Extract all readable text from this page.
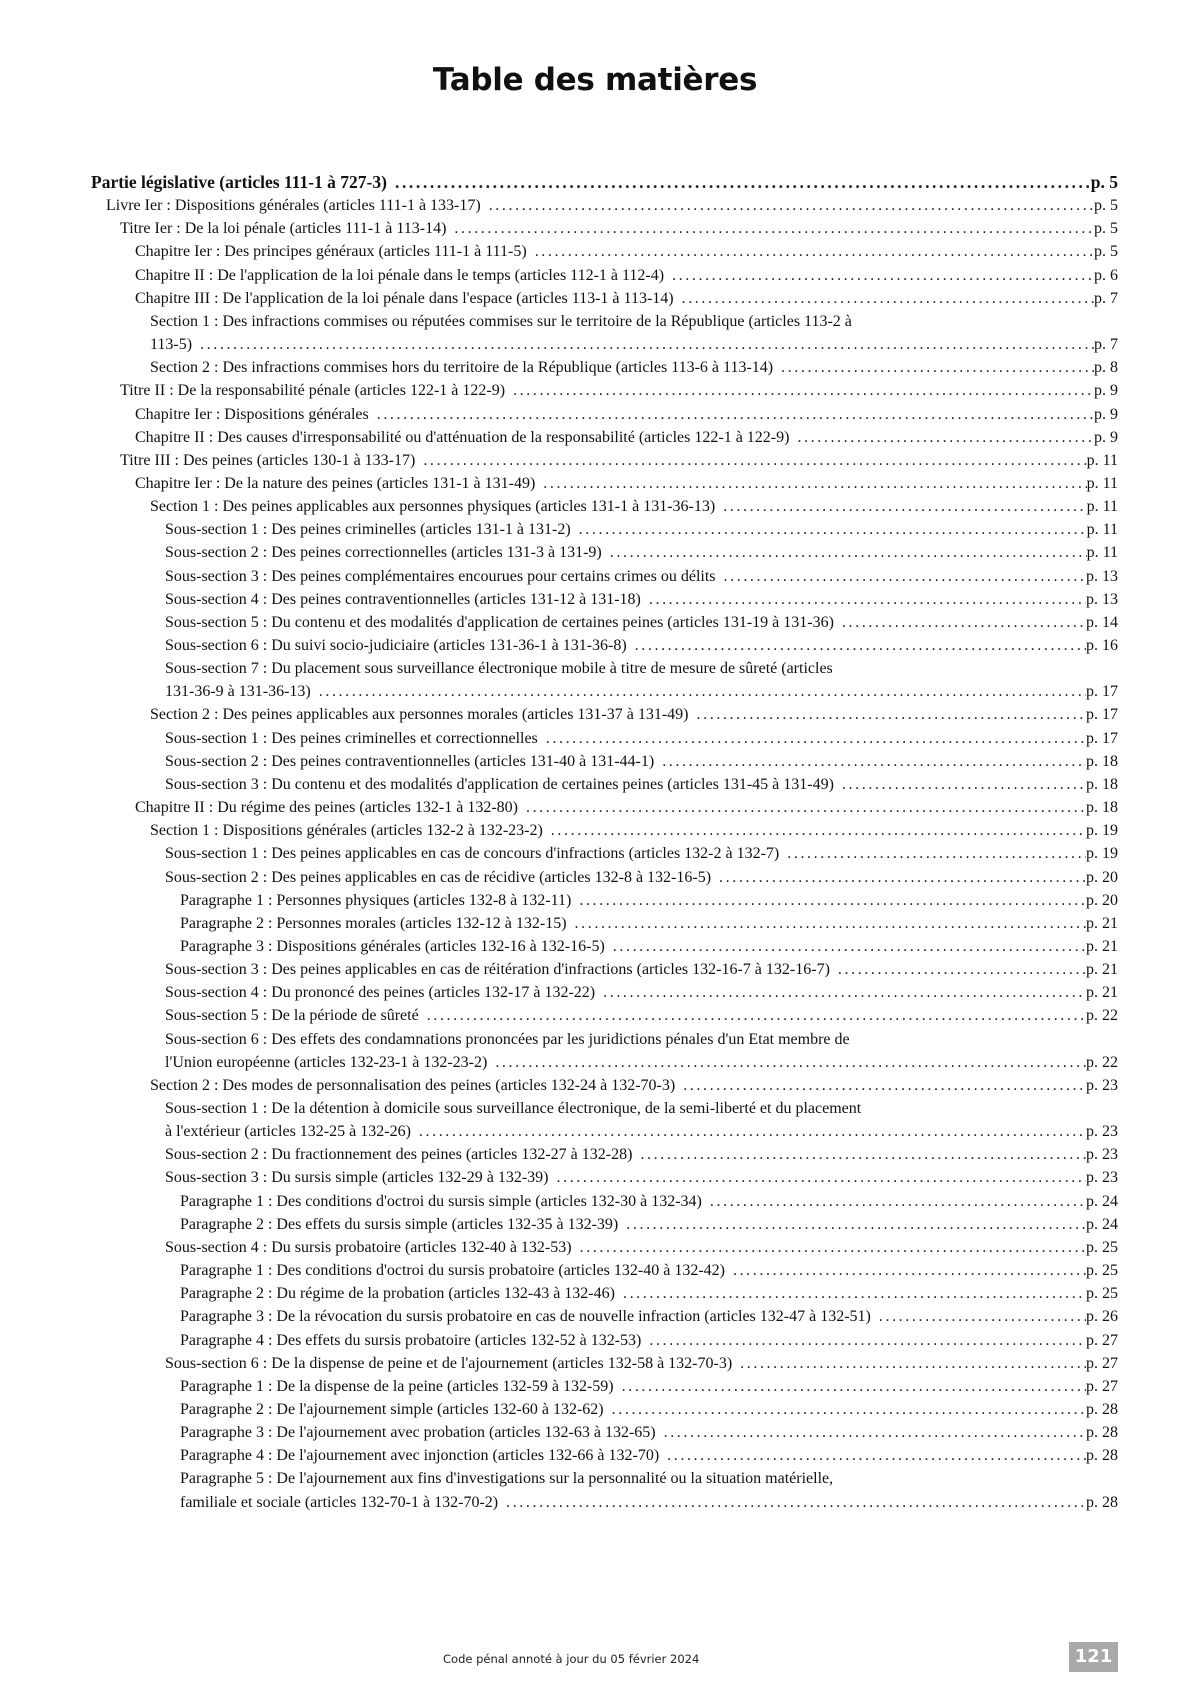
Table des matières
Partie législative (articles 111-1 à 727-3) .....	p. 5
Livre Ier : Dispositions générales (articles 111-1 à 133-17) .....	p. 5
Titre Ier : De la loi pénale (articles 111-1 à 113-14) .....	p. 5
Chapitre Ier : Des principes généraux (articles 111-1 à 111-5) .....	p. 5
Chapitre II : De l'application de la loi pénale dans le temps (articles 112-1 à 112-4) .....	p. 6
Chapitre III : De l'application de la loi pénale dans l'espace (articles 113-1 à 113-14) .....	p. 7
Section 1 : Des infractions commises ou réputées commises sur le territoire de la République (articles 113-2 à
113-5) .....	p. 7
Section 2 : Des infractions commises hors du territoire de la République (articles 113-6 à 113-14) .....	p. 8
Titre II : De la responsabilité pénale (articles 122-1 à 122-9) .....	p. 9
Chapitre Ier : Dispositions générales .....	p. 9
Chapitre II : Des causes d'irresponsabilité ou d'atténuation de la responsabilité (articles 122-1 à 122-9) .....	p. 9
Titre III : Des peines (articles 130-1 à 133-17) .....	p. 11
Chapitre Ier : De la nature des peines (articles 131-1 à 131-49) .....	p. 11
Section 1 : Des peines applicables aux personnes physiques (articles 131-1 à 131-36-13) .....	p. 11
Sous-section 1 : Des peines criminelles (articles 131-1 à 131-2) .....	p. 11
Sous-section 2 : Des peines correctionnelles (articles 131-3 à 131-9) .....	p. 11
Sous-section 3 : Des peines complémentaires encourues pour certains crimes ou délits .....	p. 13
Sous-section 4 : Des peines contraventionnelles (articles 131-12 à 131-18) .....	p. 13
Sous-section 5 : Du contenu et des modalités d'application de certaines peines (articles 131-19 à 131-36) .....	p. 14
Sous-section 6 : Du suivi socio-judiciaire (articles 131-36-1 à 131-36-8) .....	p. 16
Sous-section 7 : Du placement sous surveillance électronique mobile à titre de mesure de sûreté (articles
131-36-9 à 131-36-13) .....	p. 17
Section 2 : Des peines applicables aux personnes morales (articles 131-37 à 131-49) .....	p. 17
Sous-section 1 : Des peines criminelles et correctionnelles .....	p. 17
Sous-section 2 : Des peines contraventionnelles (articles 131-40 à 131-44-1) .....	p. 18
Sous-section 3 : Du contenu et des modalités d'application de certaines peines (articles 131-45 à 131-49) .....	p. 18
Chapitre II : Du régime des peines (articles 132-1 à 132-80) .....	p. 18
Section 1 : Dispositions générales (articles 132-2 à 132-23-2) .....	p. 19
Sous-section 1 : Des peines applicables en cas de concours d'infractions (articles 132-2 à 132-7) .....	p. 19
Sous-section 2 : Des peines applicables en cas de récidive (articles 132-8 à 132-16-5) .....	p. 20
Paragraphe 1 : Personnes physiques (articles 132-8 à 132-11) .....	p. 20
Paragraphe 2 : Personnes morales (articles 132-12 à 132-15) .....	p. 21
Paragraphe 3 : Dispositions générales (articles 132-16 à 132-16-5) .....	p. 21
Sous-section 3 : Des peines applicables en cas de réitération d'infractions (articles 132-16-7 à 132-16-7) .....	p. 21
Sous-section 4 : Du prononcé des peines (articles 132-17 à 132-22) .....	p. 21
Sous-section 5 : De la période de sûreté .....	p. 22
Sous-section 6 : Des effets des condamnations prononcées par les juridictions pénales d'un Etat membre de
l'Union européenne (articles 132-23-1 à 132-23-2) .....	p. 22
Section 2 : Des modes de personnalisation des peines (articles 132-24 à 132-70-3) .....	p. 23
Sous-section 1 : De la détention à domicile sous surveillance électronique, de la semi-liberté et du placement
à l'extérieur (articles 132-25 à 132-26) .....	p. 23
Sous-section 2 : Du fractionnement des peines (articles 132-27 à 132-28) .....	p. 23
Sous-section 3 : Du sursis simple (articles 132-29 à 132-39) .....	p. 23
Paragraphe 1 : Des conditions d'octroi du sursis simple (articles 132-30 à 132-34) .....	p. 24
Paragraphe 2 : Des effets du sursis simple (articles 132-35 à 132-39) .....	p. 24
Sous-section 4 : Du sursis probatoire (articles 132-40 à 132-53) .....	p. 25
Paragraphe 1 : Des conditions d'octroi du sursis probatoire (articles 132-40 à 132-42) .....	p. 25
Paragraphe 2 : Du régime de la probation (articles 132-43 à 132-46) .....	p. 25
Paragraphe 3 : De la révocation du sursis probatoire en cas de nouvelle infraction (articles 132-47 à 132-51) .....	p. 26
Paragraphe 4 : Des effets du sursis probatoire (articles 132-52 à 132-53) .....	p. 27
Sous-section 6 : De la dispense de peine et de l'ajournement (articles 132-58 à 132-70-3) .....	p. 27
Paragraphe 1 : De la dispense de la peine (articles 132-59 à 132-59) .....	p. 27
Paragraphe 2 : De l'ajournement simple (articles 132-60 à 132-62) .....	p. 28
Paragraphe 3 : De l'ajournement avec probation (articles 132-63 à 132-65) .....	p. 28
Paragraphe 4 : De l'ajournement avec injonction (articles 132-66 à 132-70) .....	p. 28
Paragraphe 5 : De l'ajournement aux fins d'investigations sur la personnalité ou la situation matérielle,
familiale et sociale (articles 132-70-1 à 132-70-2) .....	p. 28
Code pénal annoté à jour du 05 février 2024	121
